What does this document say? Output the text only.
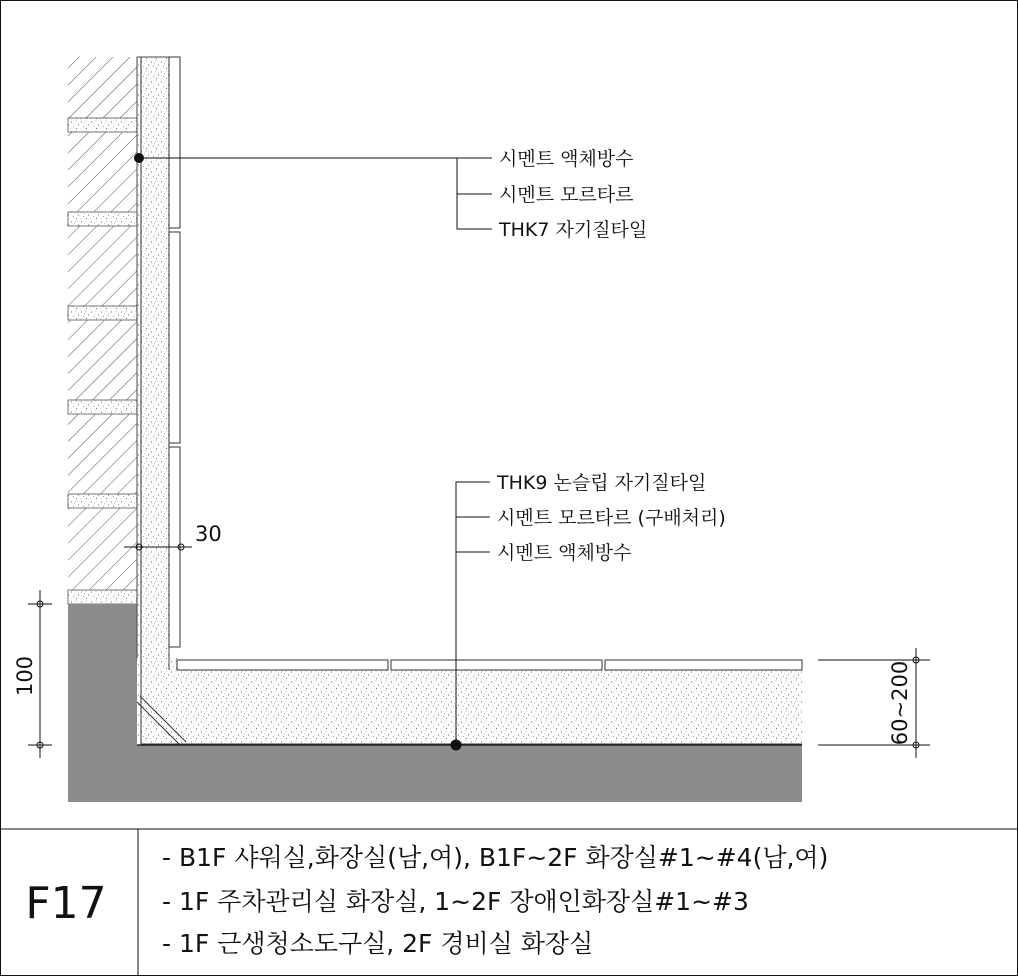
시멘트 액체방수
시멘트 모르타르
THK7 자기질타일
THK9 논슬립 자기질타일
시멘트 모르타르 (구배처리)
시멘트 액체방수
30
100	60~200
F17
- B1F 샤워실,화장실(남,여), B1F~2F 화장실#1~#4(남,여)
- 1F 주차관리실 화장실, 1~2F 장애인화장실#1~#3
- 1F 근생청소도구실, 2F 경비실 화장실
